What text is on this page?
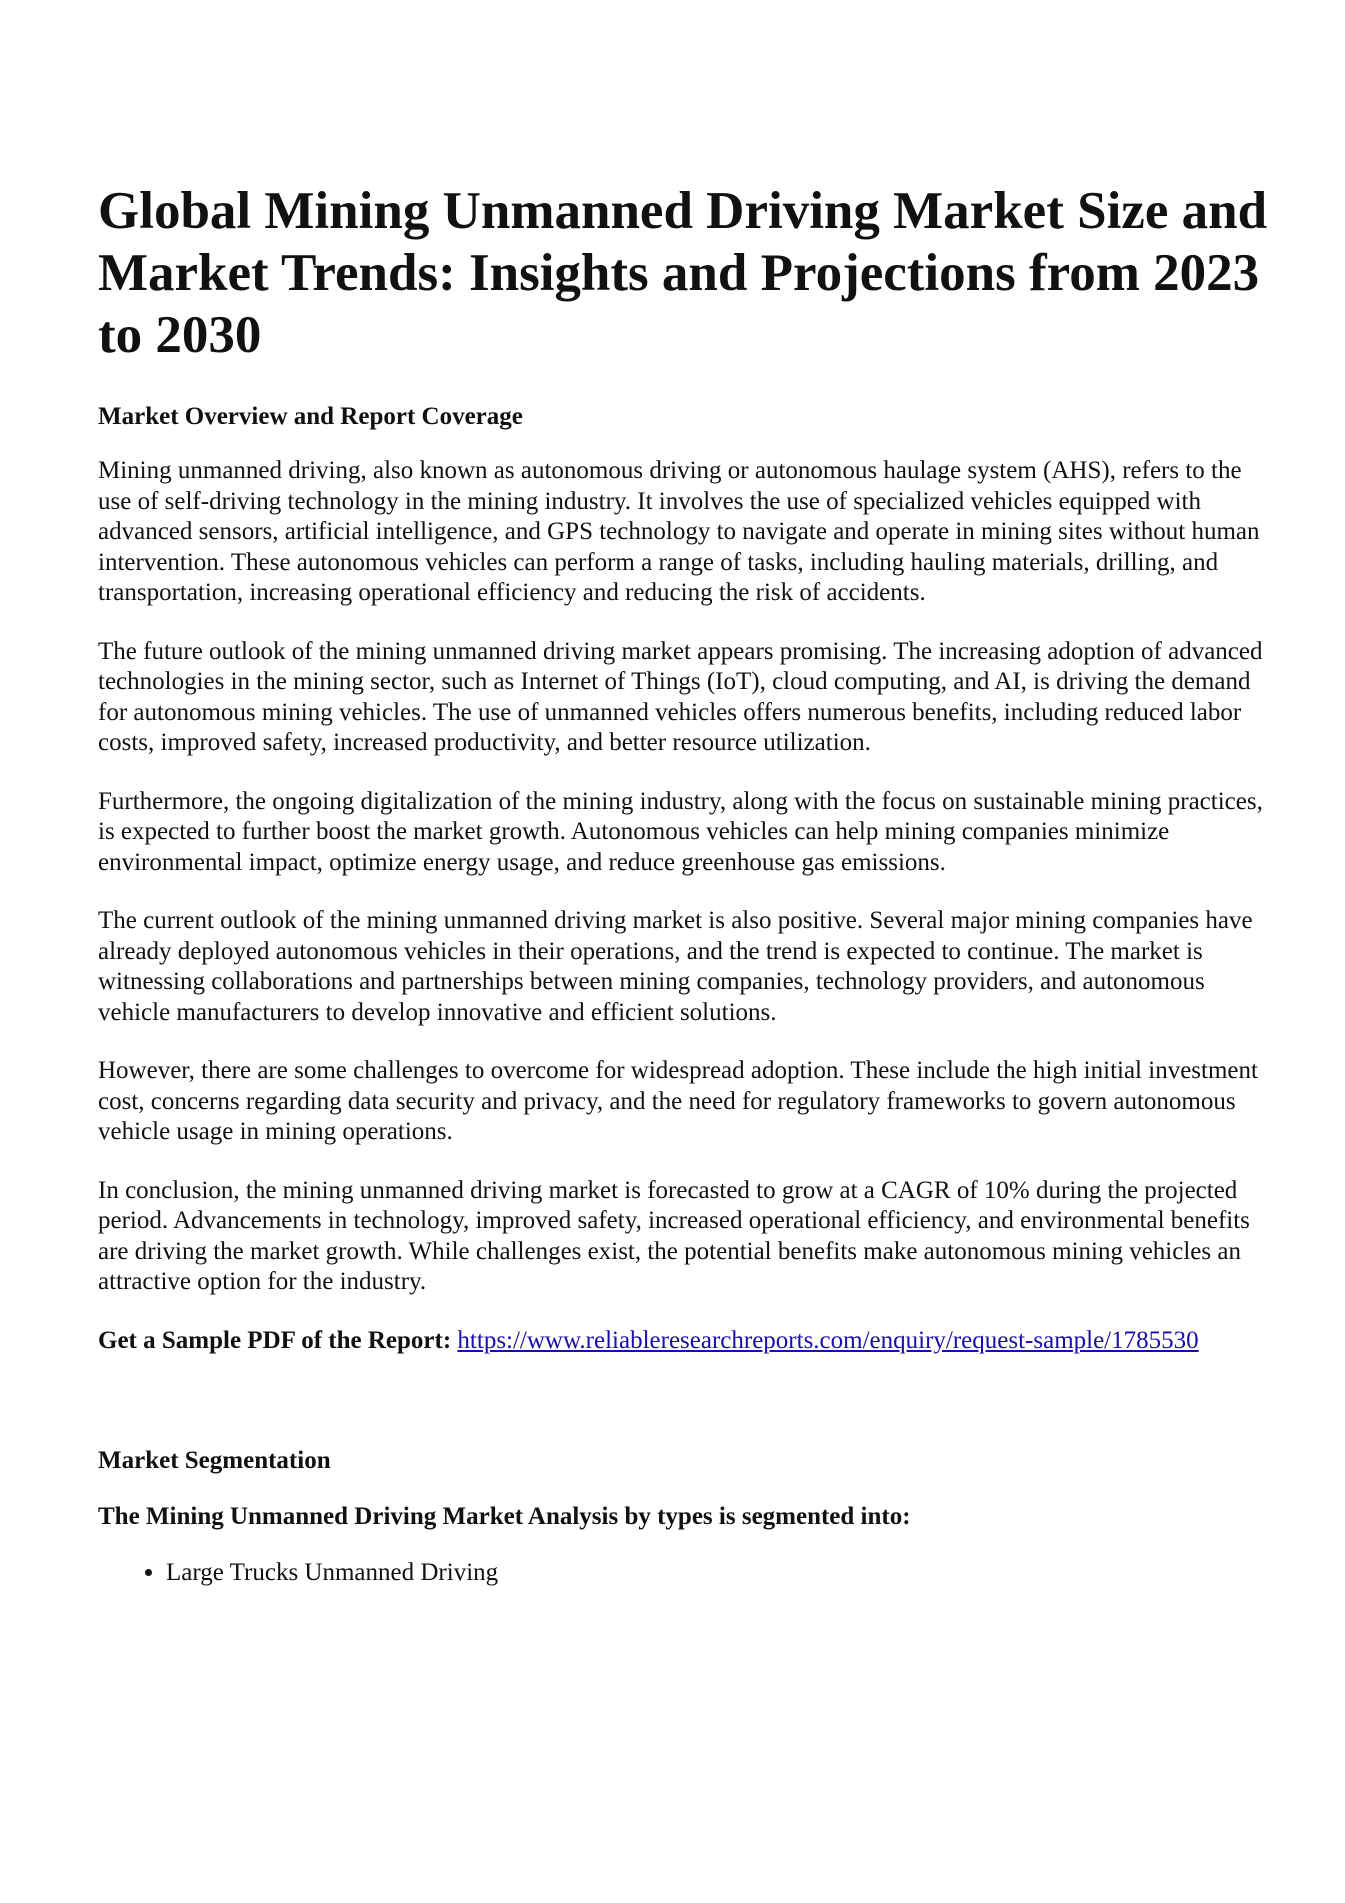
Global Mining Unmanned Driving Market Size and Market Trends: Insights and Projections from 2023 to 2030
Market Overview and Report Coverage

Mining unmanned driving, also known as autonomous driving or autonomous haulage system (AHS), refers to the use of self-driving technology in the mining industry. It involves the use of specialized vehicles equipped with advanced sensors, artificial intelligence, and GPS technology to navigate and operate in mining sites without human intervention. These autonomous vehicles can perform a range of tasks, including hauling materials, drilling, and transportation, increasing operational efficiency and reducing the risk of accidents.

The future outlook of the mining unmanned driving market appears promising. The increasing adoption of advanced technologies in the mining sector, such as Internet of Things (IoT), cloud computing, and AI, is driving the demand for autonomous mining vehicles. The use of unmanned vehicles offers numerous benefits, including reduced labor costs, improved safety, increased productivity, and better resource utilization.

Furthermore, the ongoing digitalization of the mining industry, along with the focus on sustainable mining practices, is expected to further boost the market growth. Autonomous vehicles can help mining companies minimize environmental impact, optimize energy usage, and reduce greenhouse gas emissions.

The current outlook of the mining unmanned driving market is also positive. Several major mining companies have already deployed autonomous vehicles in their operations, and the trend is expected to continue. The market is witnessing collaborations and partnerships between mining companies, technology providers, and autonomous vehicle manufacturers to develop innovative and efficient solutions.

However, there are some challenges to overcome for widespread adoption. These include the high initial investment cost, concerns regarding data security and privacy, and the need for regulatory frameworks to govern autonomous vehicle usage in mining operations.

In conclusion, the mining unmanned driving market is forecasted to grow at a CAGR of 10% during the projected period. Advancements in technology, improved safety, increased operational efficiency, and environmental benefits are driving the market growth. While challenges exist, the potential benefits make autonomous mining vehicles an attractive option for the industry.

Get a Sample PDF of the Report: https://www.reliableresearchreports.com/enquiry/request-sample/1785530

Market Segmentation
The Mining Unmanned Driving Market Analysis by types is segmented into:
• Large Trucks Unmanned Driving
